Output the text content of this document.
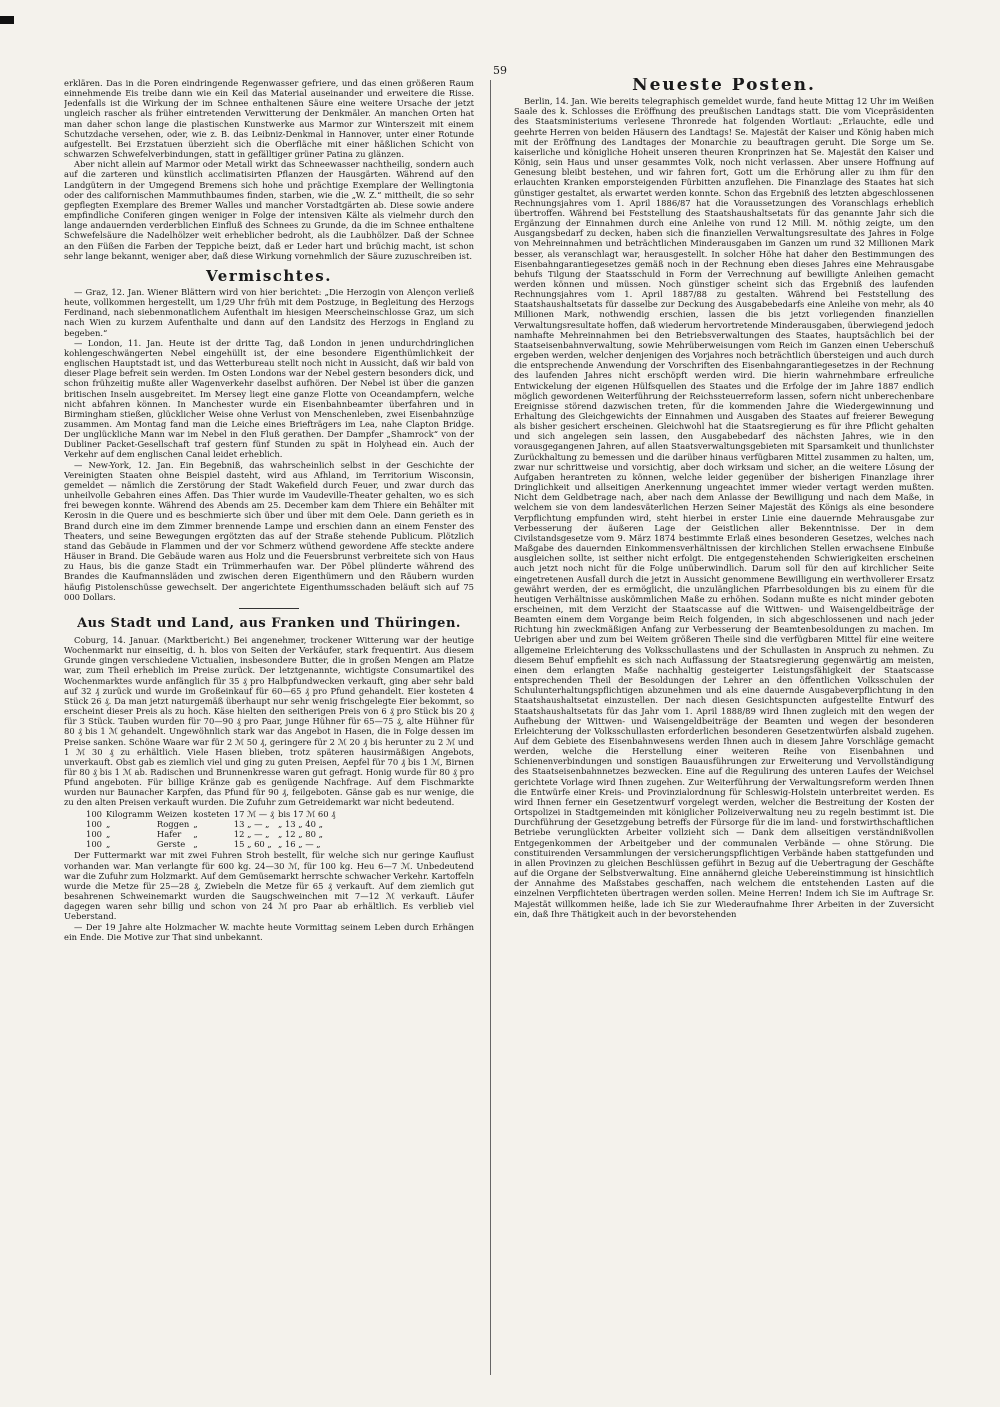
59

erklären. Das in die Poren eindringende Regenwasser gefriere, und das einen größeren Raum einnehmende Eis treibe dann wie ein Keil das Material auseinander und erweitere die Risse. Jedenfalls ist die Wirkung der im Schnee enthaltenen Säure eine weitere Ursache der jetzt ungleich rascher als früher eintretenden Verwitterung der Denkmäler. An manchen Orten hat man daher schon lange die plastischen Kunstwerke aus Marmor zur Winterszeit mit einem Schutzdache versehen, oder, wie z. B. das Leibniz-Denkmal in Hannover, unter einer Rotunde aufgestellt. Bei Erzstatuen überzieht sich die Oberfläche mit einer häßlichen Schicht von schwarzen Schwefelverbindungen, statt in gefälltiger grüner Patina zu glänzen.

Aber nicht allein auf Marmor oder Metall wirkt das Schneewasser nachtheilig, sondern auch auf die zarteren und künstlich acclimatisirten Pflanzen der Hausgärten. Während auf den Landgütern in der Umgegend Bremens sich hohe und prächtige Exemplare der Wellingtonia oder des californischen Mammuthbaumes finden, starben, wie die „W. Z.“ mittheilt, die so sehr gepflegten Exemplare des Bremer Walles und mancher Vorstadtgärten ab. Diese sowie andere empfindliche Coniferen gingen weniger in Folge der intensiven Kälte als vielmehr durch den lange andauernden verderblichen Einfluß des Schnees zu Grunde, da die im Schnee enthaltene Schwefelsäure die Nadelhölzer weit erheblicher bedroht, als die Laubhölzer. Daß der Schnee an den Füßen die Farben der Teppiche beizt, daß er Leder hart und brüchig macht, ist schon sehr lange bekannt, weniger aber, daß diese Wirkung vornehmlich der Säure zuzuschreiben ist.

Vermischtes.

— Graz, 12. Jan. Wiener Blättern wird von hier berichtet: „Die Herzogin von Alençon verließ heute, vollkommen hergestellt, um 1/29 Uhr früh mit dem Postzuge, in Begleitung des Herzogs Ferdinand, nach siebenmonatlichem Aufenthalt im hiesigen Meerscheinschlosse Graz, um sich nach Wien zu kurzem Aufenthalte und dann auf den Landsitz des Herzogs in England zu begeben.“

— London, 11. Jan. Heute ist der dritte Tag, daß London in jenen undurchdringlichen kohlengeschwängerten Nebel eingehüllt ist, der eine besondere Eigenthümlichkeit der englischen Hauptstadt ist, und das Wetterbureau stellt noch nicht in Aussicht, daß wir bald von dieser Plage befreit sein werden. Im Osten Londons war der Nebel gestern besonders dick, und schon frühzeitig mußte aller Wagenverkehr daselbst aufhören. Der Nebel ist über die ganzen britischen Inseln ausgebreitet. Im Mersey liegt eine ganze Flotte von Oceandampfern, welche nicht abfahren können. In Manchester wurde ein Eisenbahnbeamter überfahren und in Birmingham stießen, glücklicher Weise ohne Verlust von Menschenleben, zwei Eisenbahnzüge zusammen. Am Montag fand man die Leiche eines Briefträgers im Lea, nahe Clapton Bridge. Der unglückliche Mann war im Nebel in den Fluß gerathen. Der Dampfer „Shamrock“ von der Dubliner Packet-Gesellschaft traf gestern fünf Stunden zu spät in Holyhead ein. Auch der Verkehr auf dem englischen Canal leidet erheblich.

— New-York, 12. Jan. Ein Begebniß, das wahrscheinlich selbst in der Geschichte der Vereinigten Staaten ohne Beispiel dasteht, wird aus Afhland, im Territorium Wisconsin, gemeldet — nämlich die Zerstörung der Stadt Wakefield durch Feuer, und zwar durch das unheilvolle Gebahren eines Affen. Das Thier wurde im Vaudeville-Theater gehalten, wo es sich frei bewegen konnte. Während des Abends am 25. December kam dem Thiere ein Behälter mit Kerosin in die Quere und es beschmierte sich über und über mit dem Oele. Dann gerieth es in Brand durch eine im dem Zimmer brennende Lampe und erschien dann an einem Fenster des Theaters, und seine Bewegungen ergötzten das auf der Straße stehende Publicum. Plötzlich stand das Gebäude in Flammen und der vor Schmerz wüthend gewordene Affe steckte andere Häuser in Brand. Die Gebäude waren aus Holz und die Feuersbrunst verbreitete sich von Haus zu Haus, bis die ganze Stadt ein Trümmerhaufen war. Der Pöbel plünderte während des Brandes die Kaufmannsläden und zwischen deren Eigenthümern und den Räubern wurden häufig Pistolenschüsse gewechselt. Der angerichtete Eigenthumsschaden beläuft sich auf 75 000 Dollars.

Aus Stadt und Land, aus Franken und Thüringen.

Coburg, 14. Januar. (Marktbericht.) Bei angenehmer, trockener Witterung war der heutige Wochenmarkt nur einseitig, d. h. blos von Seiten der Verkäufer, stark frequentirt. Aus diesem Grunde gingen verschiedene Victualien, insbesondere Butter, die in großen Mengen am Platze war, zum Theil erheblich im Preise zurück. Der letztgenannte, wichtigste Consumartikel des Wochenmarktes wurde anfänglich für 35 ₰ pro Halbpfundwecken verkauft, ging aber sehr bald auf 32 ₰ zurück und wurde im Großeinkauf für 60—65 ₰ pro Pfund gehandelt. Eier kosteten 4 Stück 26 ₰. Da man jetzt naturgemäß überhaupt nur sehr wenig frischgelegte Eier bekommt, so erscheint dieser Preis als zu hoch. Käse hielten den seitherigen Preis von 6 ₰ pro Stück bis 20 ₰ für 3 Stück. Tauben wurden für 70—90 ₰ pro Paar, junge Hühner für 65—75 ₰, alte Hühner für 80 ₰ bis 1 ℳ gehandelt. Ungewöhnlich stark war das Angebot in Hasen, die in Folge dessen im Preise sanken. Schöne Waare war für 2 ℳ 50 ₰, geringere für 2 ℳ 20 ₰ bis herunter zu 2 ℳ und 1 ℳ 30 ₰ zu erhältlich. Viele Hasen blieben, trotz späteren hausirmäßigen Angebots, unverkauft. Obst gab es ziemlich viel und ging zu guten Preisen, Aepfel für 70 ₰ bis 1 ℳ, Birnen für 80 ₰ bis 1 ℳ ab. Radischen und Brunnenkresse waren gut gefragt. Honig wurde für 80 ₰ pro Pfund angeboten. Für billige Kränze gab es genügende Nachfrage. Auf dem Fischmarkte wurden nur Baunacher Karpfen, das Pfund für 90 ₰, feilgeboten. Gänse gab es nur wenige, die zu den alten Preisen verkauft wurden. Die Zufuhr zum Getreidemarkt war nicht bedeutend.

100	Kilogramm	Weizen	kosteten	17 ℳ — ₰	bis 17 ℳ 60 ₰
100	„	Roggen	„	13 „ — „	„ 13 „ 40 „
100	„	Hafer	„	12 „ — „	„ 12 „ 80 „
100	„	Gerste	„	15 „ 60 „	„ 16 „ — „

Der Futtermarkt war mit zwei Fuhren Stroh bestellt, für welche sich nur geringe Kauflust vorhanden war. Man verlangte für 600 kg. 24—30 ℳ, für 100 kg. Heu 6—7 ℳ. Unbedeutend war die Zufuhr zum Holzmarkt. Auf dem Gemüsemarkt herrschte schwacher Verkehr. Kartoffeln wurde die Metze für 25—28 ₰, Zwiebeln die Metze für 65 ₰ verkauft. Auf dem ziemlich gut besahrenen Schweinemarkt wurden die Saugschweinchen mit 7—12 ℳ verkauft. Läufer dagegen waren sehr billig und schon von 24 ℳ pro Paar ab erhältlich. Es verblieb viel Ueberstand.

— Der 19 Jahre alte Holzmacher W. machte heute Vormittag seinem Leben durch Erhängen ein Ende. Die Motive zur That sind unbekannt.

Neueste Posten.

Berlin, 14. Jan. Wie bereits telegraphisch gemeldet wurde, fand heute Mittag 12 Uhr im Weißen Saale des k. Schlosses die Eröffnung des preußischen Landtags statt. Die vom Vicepräsidenten des Staatsministeriums verlesene Thronrede hat folgenden Wortlaut: „Erlauchte, edle und geehrte Herren von beiden Häusern des Landtags! Se. Majestät der Kaiser und König haben mich mit der Eröffnung des Landtages der Monarchie zu beauftragen geruht. Die Sorge um Se. kaiserliche und königliche Hoheit unseren theuren Kronprinzen hat Se. Majestät den Kaiser und König, sein Haus und unser gesammtes Volk, noch nicht verlassen. Aber unsere Hoffnung auf Genesung bleibt bestehen, und wir fahren fort, Gott um die Erhörung aller zu ihm für den erlauchten Kranken emporsteigenden Fürbitten anzuflehen. Die Finanzlage des Staates hat sich günstiger gestaltet, als erwartet werden konnte. Schon das Ergebniß des letzten abgeschlossenen Rechnungsjahres vom 1. April 1886/87 hat die Voraussetzungen des Voranschlags erheblich übertroffen. Während bei Feststellung des Staatshaushaltsetats für das genannte Jahr sich die Ergänzung der Einnahmen durch eine Anleihe von rund 12 Mill. M. nöthig zeigte, um den Ausgangsbedarf zu decken, haben sich die finanziellen Verwaltungsresultate des Jahres in Folge von Mehreinnahmen und beträchtlichen Minderausgaben im Ganzen um rund 32 Millionen Mark besser, als veranschlagt war, herausgestellt. In solcher Höhe hat daher den Bestimmungen des Eisenbahngarantiegesetzes gemäß noch in der Rechnung eben dieses Jahres eine Mehrausgabe behufs Tilgung der Staatsschuld in Form der Verrechnung auf bewilligte Anleihen gemacht werden können und müssen. Noch günstiger scheint sich das Ergebniß des laufenden Rechnungsjahres vom 1. April 1887/88 zu gestalten. Während bei Feststellung des Staatshaushaltsetats für dasselbe zur Deckung des Ausgabebedarfs eine Anleihe von mehr, als 40 Millionen Mark, nothwendig erschien, lassen die bis jetzt vorliegenden finanziellen Verwaltungsresultate hoffen, daß wiederum hervortretende Minderausgaben, überwiegend jedoch namhafte Mehreinnahmen bei den Betriebsverwaltungen des Staates, hauptsächlich bei der Staatseisenbahnverwaltung, sowie Mehrüberweisungen vom Reich im Ganzen einen Ueberschuß ergeben werden, welcher denjenigen des Vorjahres noch beträchtlich übersteigen und auch durch die entsprechende Anwendung der Vorschriften des Eisenbahngarantiegesetzes in der Rechnung des laufenden Jahres nicht erschöpft werden wird. Die hierin wahrnehmbare erfreuliche Entwickelung der eigenen Hülfsquellen des Staates und die Erfolge der im Jahre 1887 endlich möglich gewordenen Weiterführung der Reichssteuerreform lassen, sofern nicht unberechenbare Ereignisse störend dazwischen treten, für die kommenden Jahre die Wiedergewinnung und Erhaltung des Gleichgewichts der Einnahmen und Ausgaben des Staates auf freierer Bewegung als bisher gesichert erscheinen. Gleichwohl hat die Staatsregierung es für ihre Pflicht gehalten und sich angelegen sein lassen, den Ausgabebedarf des nächsten Jahres, wie in den vorausgegangenen Jahren, auf allen Staatsverwaltungsgebieten mit Sparsamkeit und thunlichster Zurückhaltung zu bemessen und die darüber hinaus verfügbaren Mittel zusammen zu halten, um, zwar nur schrittweise und vorsichtig, aber doch wirksam und sicher, an die weitere Lösung der Aufgaben herantreten zu können, welche leider gegenüber der bisherigen Finanzlage ihrer Dringlichkeit und allseitigen Anerkennung ungeachtet immer wieder vertagt werden mußten. Nicht dem Geldbetrage nach, aber nach dem Anlasse der Bewilligung und nach dem Maße, in welchem sie von dem landesväterlichen Herzen Seiner Majestät des Königs als eine besondere Verpflichtung empfunden wird, steht hierbei in erster Linie eine dauernde Mehrausgabe zur Verbesserung der äußeren Lage der Geistlichen aller Bekenntnisse. Der in dem Civilstandsgesetze vom 9. März 1874 bestimmte Erlaß eines besonderen Gesetzes, welches nach Maßgabe des dauernden Einkommensverhältnissen der kirchlichen Stellen erwachsene Einbuße ausgleichen sollte, ist seither nicht erfolgt. Die entgegenstehenden Schwierigkeiten erscheinen auch jetzt noch nicht für die Folge unüberwindlich. Darum soll für den auf kirchlicher Seite eingetretenen Ausfall durch die jetzt in Aussicht genommene Bewilligung ein werthvollerer Ersatz gewährt werden, der es ermöglicht, die unzulänglichen Pfarrbesoldungen bis zu einem für die heutigen Verhältnisse auskömmlichen Maße zu erhöhen. Sodann mußte es nicht minder geboten erscheinen, mit dem Verzicht der Staatscasse auf die Wittwen- und Waisengeldbeiträge der Beamten einem dem Vorgange beim Reich folgenden, in sich abgeschlossenen und nach jeder Richtung hin zweckmäßigen Anfang zur Verbesserung der Beamtenbesoldungen zu machen. Im Uebrigen aber und zum bei Weitem größeren Theile sind die verfügbaren Mittel für eine weitere allgemeine Erleichterung des Volksschullastens und der Schullasten in Anspruch zu nehmen. Zu diesem Behuf empfiehlt es sich nach Auffassung der Staatsregierung gegenwärtig am meisten, einen dem erlangten Maße nachhaltig gesteigerter Leistungsfähigkeit der Staatscasse entsprechenden Theil der Besoldungen der Lehrer an den öffentlichen Volksschulen der Schulunterhaltungspflichtigen abzunehmen und als eine dauernde Ausgabeverpflichtung in den Staatshaushaltsetat einzustellen. Der nach diesen Gesichtspuncten aufgestellte Entwurf des Staatshaushaltsetats für das Jahr vom 1. April 1888/89 wird Ihnen zugleich mit den wegen der Aufhebung der Wittwen- und Waisengeldbeiträge der Beamten und wegen der besonderen Erleichterung der Volksschullasten erforderlichen besonderen Gesetzentwürfen alsbald zugehen. Auf dem Gebiete des Eisenbahnwesens werden Ihnen auch in diesem Jahre Vorschläge gemacht werden, welche die Herstellung einer weiteren Reihe von Eisenbahnen und Schienenverbindungen und sonstigen Bauausführungen zur Erweiterung und Vervollständigung des Staatseisenbahnnetzes bezwecken. Eine auf die Regulirung des unteren Laufes der Weichsel gerichtete Vorlage wird Ihnen zugehen. Zur Weiterführung der Verwaltungsreform werden Ihnen die Entwürfe einer Kreis- und Provinzialordnung für Schleswig-Holstein unterbreitet werden. Es wird Ihnen ferner ein Gesetzentwurf vorgelegt werden, welcher die Bestreitung der Kosten der Ortspolizei in Stadtgemeinden mit königlicher Polizeiverwaltung neu zu regeln bestimmt ist. Die Durchführung der Gesetzgebung betreffs der Fürsorge für die im land- und forstwirthschaftlichen Betriebe verunglückten Arbeiter vollzieht sich — Dank dem allseitigen verständnißvollen Entgegenkommen der Arbeitgeber und der communalen Verbände — ohne Störung. Die constituirenden Versammlungen der versicherungspflichtigen Verbände haben stattgefunden und in allen Provinzen zu gleichen Beschlüssen geführt in Bezug auf die Uebertragung der Geschäfte auf die Organe der Selbstverwaltung. Eine annähernd gleiche Uebereinstimmung ist hinsichtlich der Annahme des Maßstabes geschaffen, nach welchem die entstehenden Lasten auf die einzelnen Verpflichteten übertragen werden sollen. Meine Herren! Indem ich Sie im Auftrage Sr. Majestät willkommen heiße, lade ich Sie zur Wiederaufnahme Ihrer Arbeiten in der Zuversicht ein, daß Ihre Thätigkeit auch in der bevorstehenden
